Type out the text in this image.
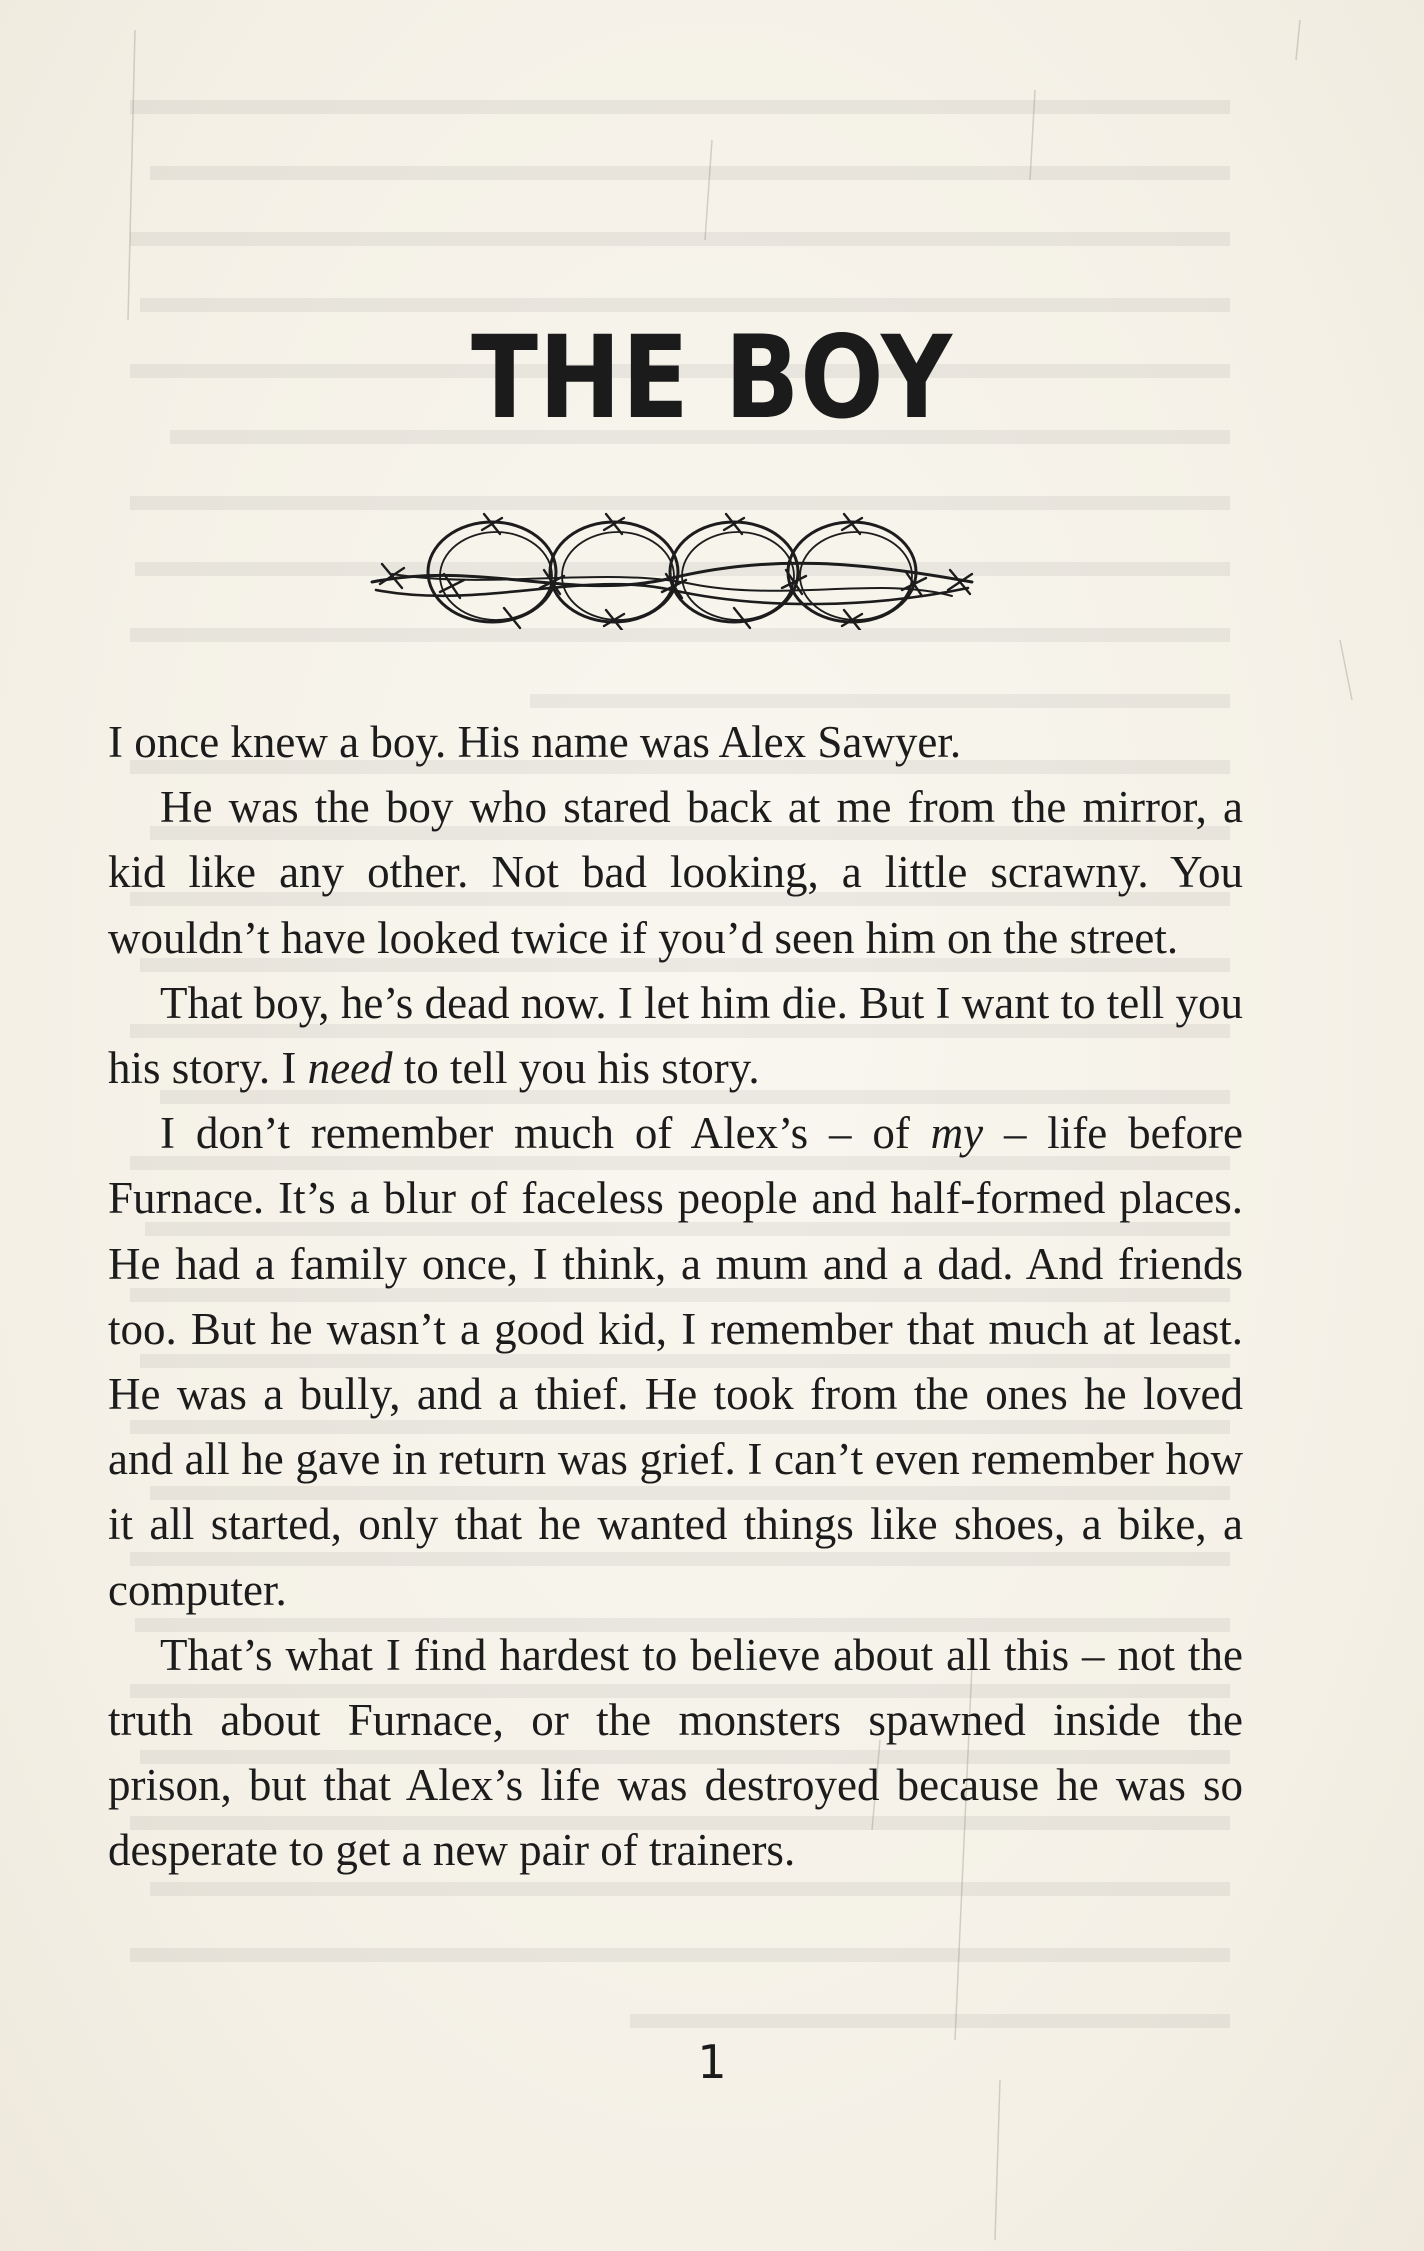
THE BOY

I once knew a boy. His name was Alex Sawyer.

He was the boy who stared back at me from the mirror, a kid like any other. Not bad looking, a little scrawny. You wouldn’t have looked twice if you’d seen him on the street.

That boy, he’s dead now. I let him die. But I want to tell you his story. I need to tell you his story.

I don’t remember much of Alex’s – of my – life before Furnace. It’s a blur of faceless people and half-formed places. He had a family once, I think, a mum and a dad. And friends too. But he wasn’t a good kid, I remember that much at least. He was a bully, and a thief. He took from the ones he loved and all he gave in return was grief. I can’t even remember how it all started, only that he wanted things like shoes, a bike, a computer.

That’s what I find hardest to believe about all this – not the truth about Furnace, or the monsters spawned inside the prison, but that Alex’s life was destroyed because he was so desperate to get a new pair of trainers.

1
